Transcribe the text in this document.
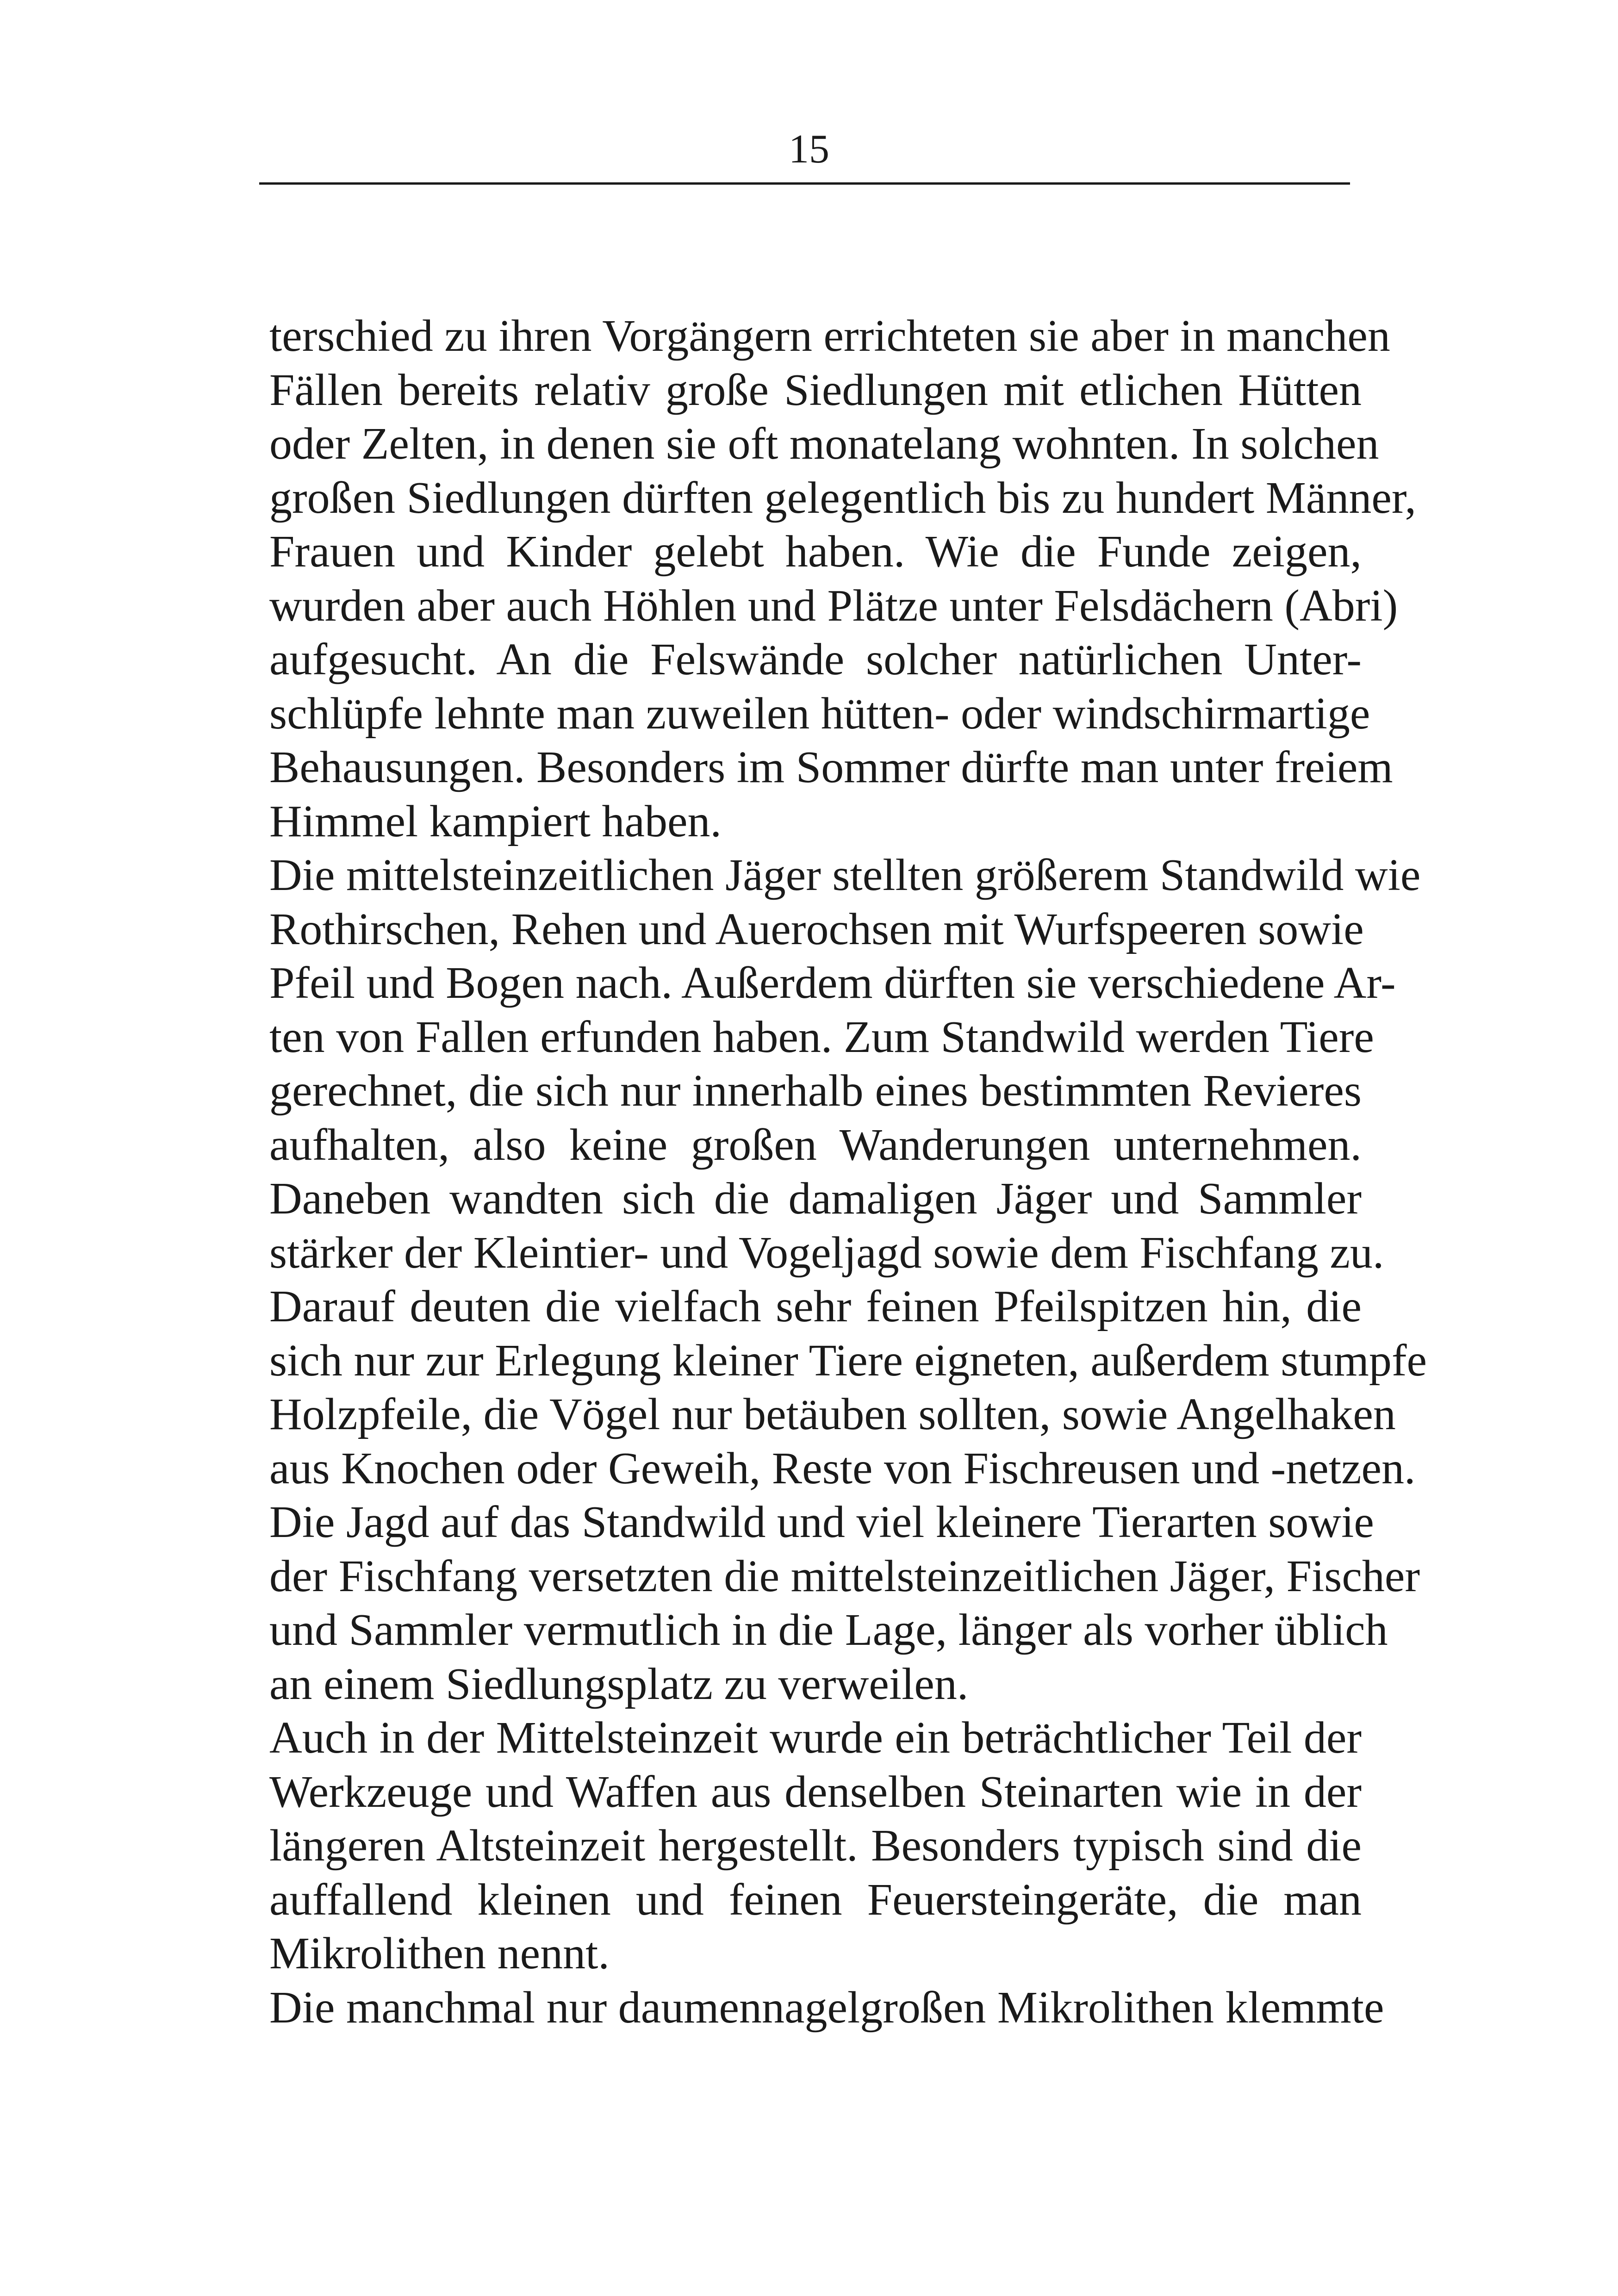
15
terschied zu ihren Vorgängern errichteten sie aber in manchen
Fällen bereits relativ große Siedlungen mit etlichen Hütten
oder Zelten, in denen sie oft monatelang wohnten. In solchen
großen Siedlungen dürften gelegentlich bis zu hundert Männer,
Frauen und Kinder gelebt haben. Wie die Funde zeigen,
wurden aber auch Höhlen und Plätze unter Felsdächern (Abri)
aufgesucht. An die Felswände solcher natürlichen Unter-
schlüpfe lehnte man zuweilen hütten- oder windschirmartige
Behausungen. Besonders im Sommer dürfte man unter freiem
Himmel kampiert haben.
Die mittelsteinzeitlichen Jäger stellten größerem Standwild wie
Rothirschen, Rehen und Auerochsen mit Wurfspeeren sowie
Pfeil und Bogen nach. Außerdem dürften sie verschiedene Ar-
ten von Fallen erfunden haben. Zum Standwild werden Tiere
gerechnet, die sich nur innerhalb eines bestimmten Revieres
aufhalten, also keine großen Wanderungen unternehmen.
Daneben wandten sich die damaligen Jäger und Sammler
stärker der Kleintier- und Vogeljagd sowie dem Fischfang zu.
Darauf deuten die vielfach sehr feinen Pfeilspitzen hin, die
sich nur zur Erlegung kleiner Tiere eigneten, außerdem stumpfe
Holzpfeile, die Vögel nur betäuben sollten, sowie Angelhaken
aus Knochen oder Geweih, Reste von Fischreusen und -netzen.
Die Jagd auf das Standwild und viel kleinere Tierarten sowie
der Fischfang versetzten die mittelsteinzeitlichen Jäger, Fischer
und Sammler vermutlich in die Lage, länger als vorher üblich
an einem Siedlungsplatz zu verweilen.
Auch in der Mittelsteinzeit wurde ein beträchtlicher Teil der
Werkzeuge und Waffen aus denselben Steinarten wie in der
längeren Altsteinzeit hergestellt. Besonders typisch sind die
auffallend kleinen und feinen Feuersteingeräte, die man
Mikrolithen nennt.
Die manchmal nur daumennagelgroßen Mikrolithen klemmte
